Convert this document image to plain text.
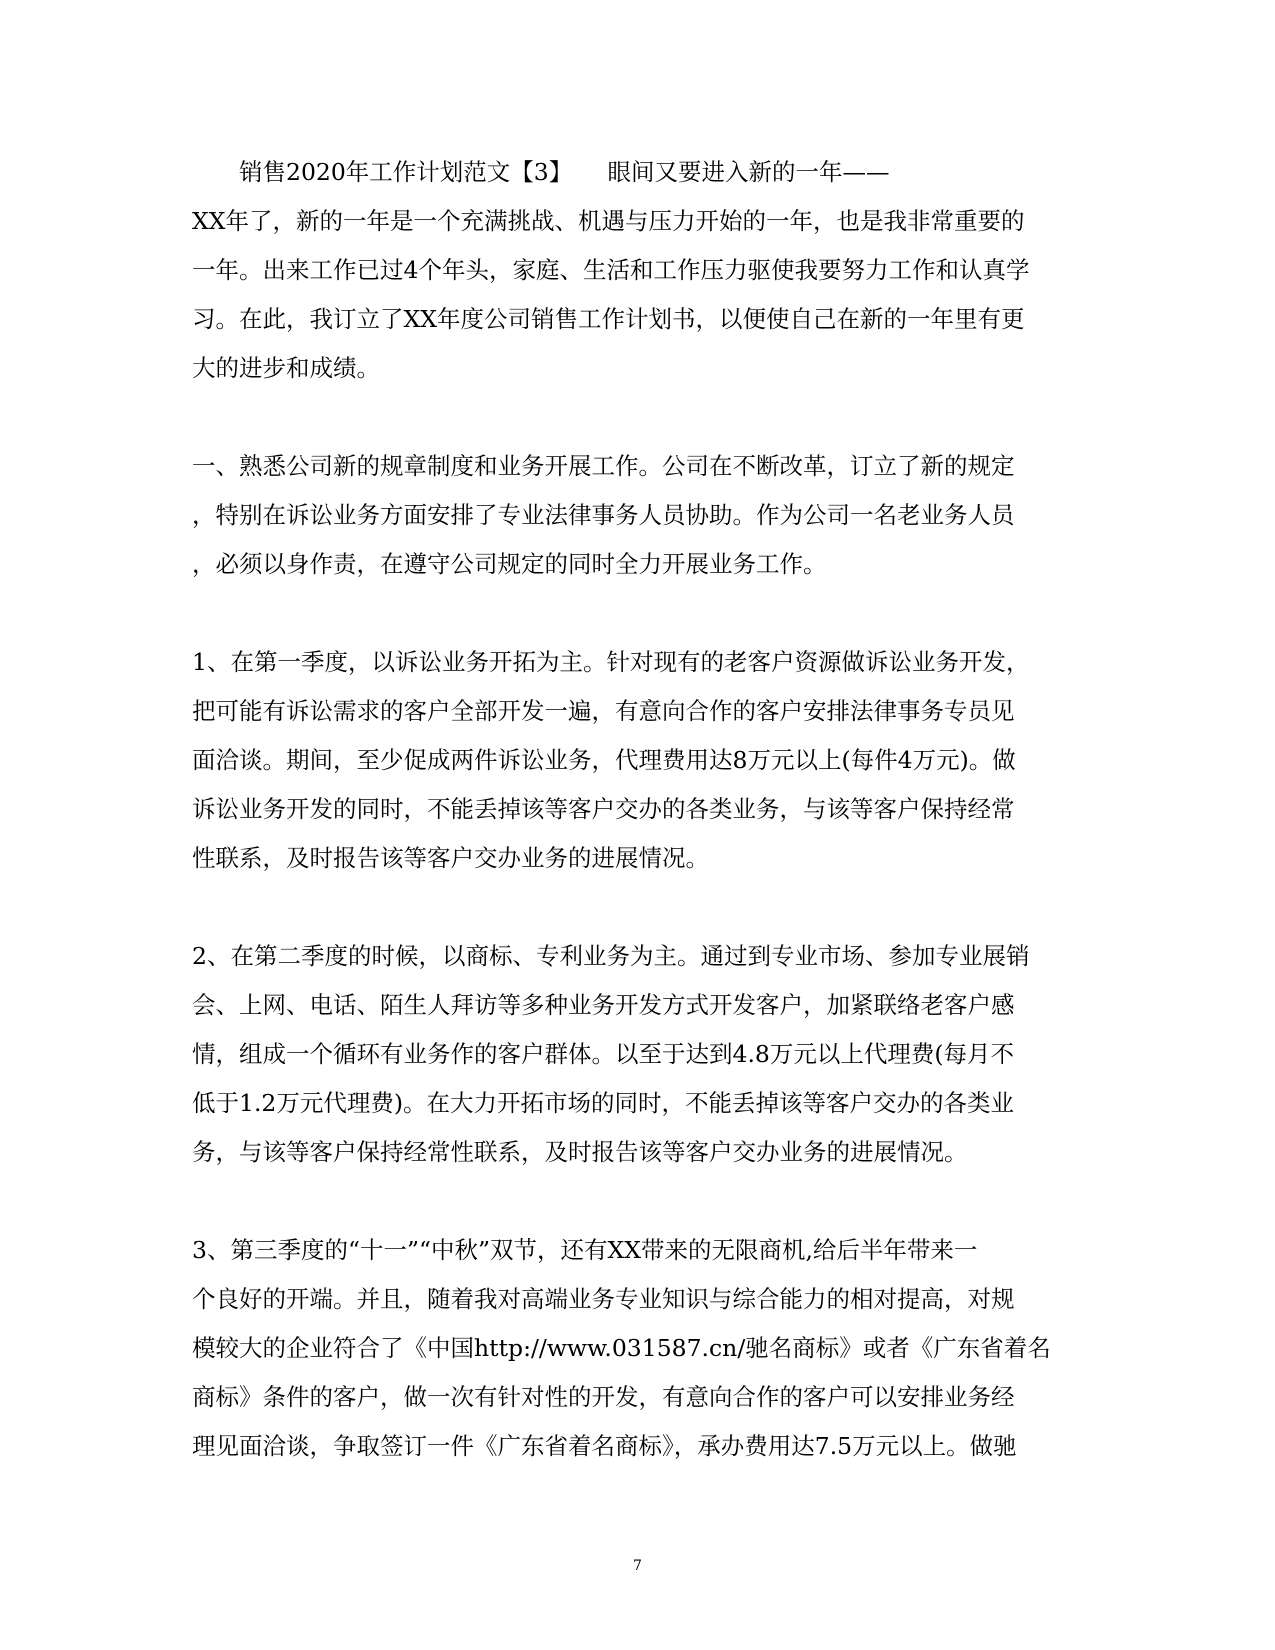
销售2020年工作计划范文【3】　　眼间又要进入新的一年——
XX年了，新的一年是一个充满挑战、机遇与压力开始的一年，也是我非常重要的
一年。出来工作已过4个年头，家庭、生活和工作压力驱使我要努力工作和认真学
习。在此，我订立了XX年度公司销售工作计划书，以便使自己在新的一年里有更
大的进步和成绩。
一、熟悉公司新的规章制度和业务开展工作。公司在不断改革，订立了新的规定
，特别在诉讼业务方面安排了专业法律事务人员协助。作为公司一名老业务人员
，必须以身作责，在遵守公司规定的同时全力开展业务工作。
1、在第一季度，以诉讼业务开拓为主。针对现有的老客户资源做诉讼业务开发，
把可能有诉讼需求的客户全部开发一遍，有意向合作的客户安排法律事务专员见
面洽谈。期间，至少促成两件诉讼业务，代理费用达8万元以上(每件4万元)。做
诉讼业务开发的同时，不能丢掉该等客户交办的各类业务，与该等客户保持经常
性联系，及时报告该等客户交办业务的进展情况。
2、在第二季度的时候，以商标、专利业务为主。通过到专业市场、参加专业展销
会、上网、电话、陌生人拜访等多种业务开发方式开发客户，加紧联络老客户感
情，组成一个循环有业务作的客户群体。以至于达到4.8万元以上代理费(每月不
低于1.2万元代理费)。在大力开拓市场的同时，不能丢掉该等客户交办的各类业
务，与该等客户保持经常性联系，及时报告该等客户交办业务的进展情况。
3、第三季度的“十一”“中秋”双节，还有XX带来的无限商机,给后半年带来一
个良好的开端。并且，随着我对高端业务专业知识与综合能力的相对提高，对规
模较大的企业符合了《中国http://www.031587.cn/驰名商标》或者《广东省着名
商标》条件的客户，做一次有针对性的开发，有意向合作的客户可以安排业务经
理见面洽谈，争取签订一件《广东省着名商标》，承办费用达7.5万元以上。做驰
7
